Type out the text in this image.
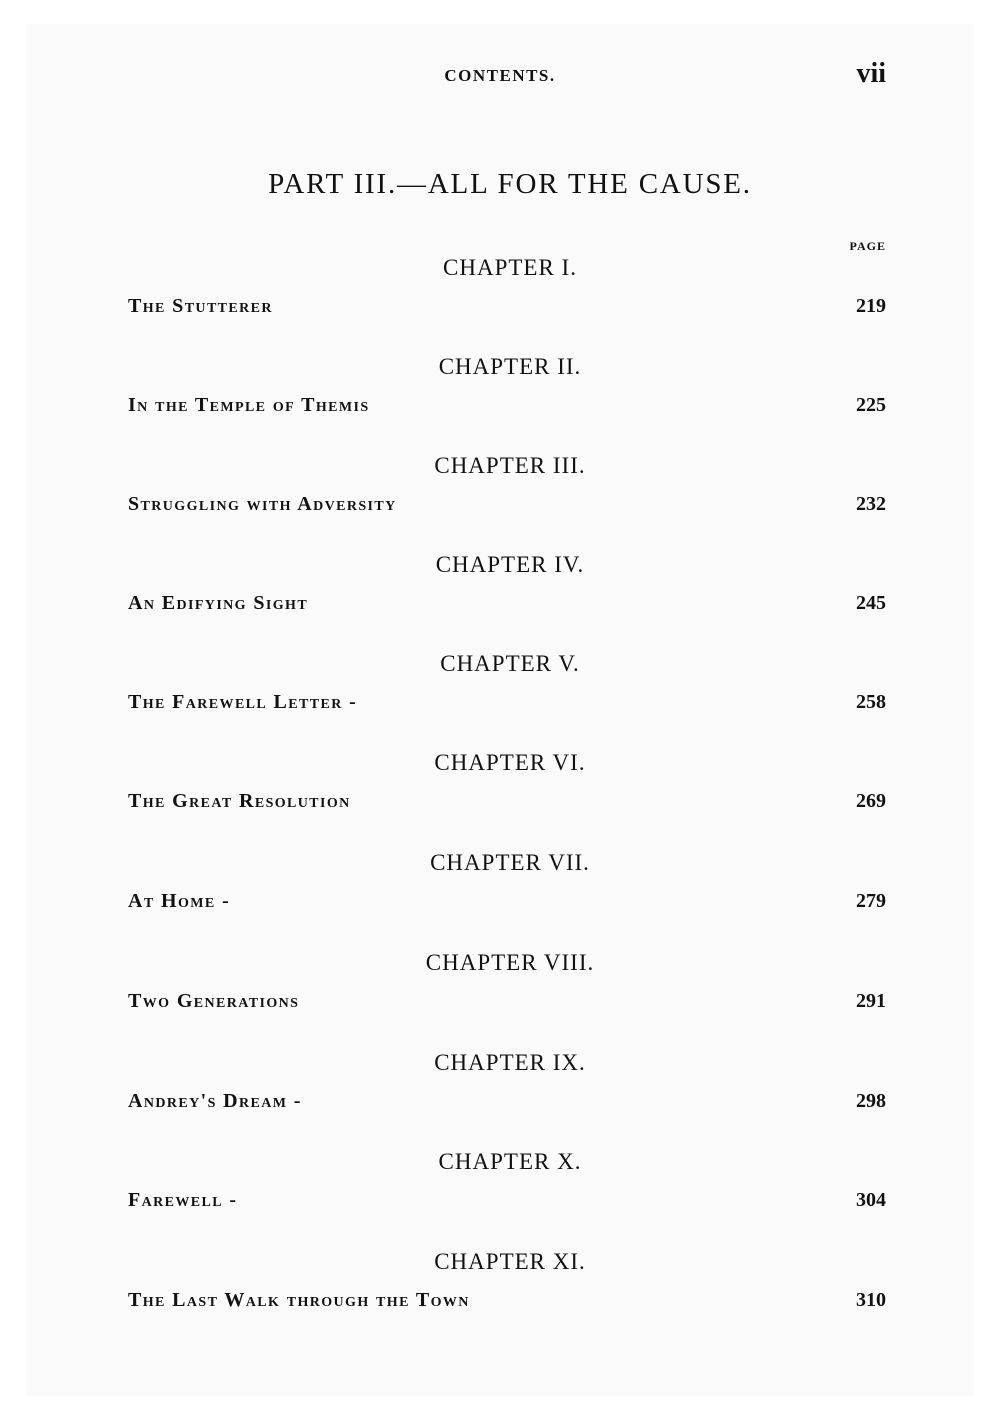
CONTENTS.	vii
PART III.—ALL FOR THE CAUSE.
PAGE
CHAPTER I.
The Stutterer	219
CHAPTER II.
In the Temple of Themis	225
CHAPTER III.
Struggling with Adversity	232
CHAPTER IV.
An Edifying Sight	245
CHAPTER V.
The Farewell Letter -	258
CHAPTER VI.
The Great Resolution	269
CHAPTER VII.
At Home -	279
CHAPTER VIII.
Two Generations	291
CHAPTER IX.
Andrey's Dream -	298
CHAPTER X.
Farewell -	304
CHAPTER XI.
The Last Walk through the Town	310
